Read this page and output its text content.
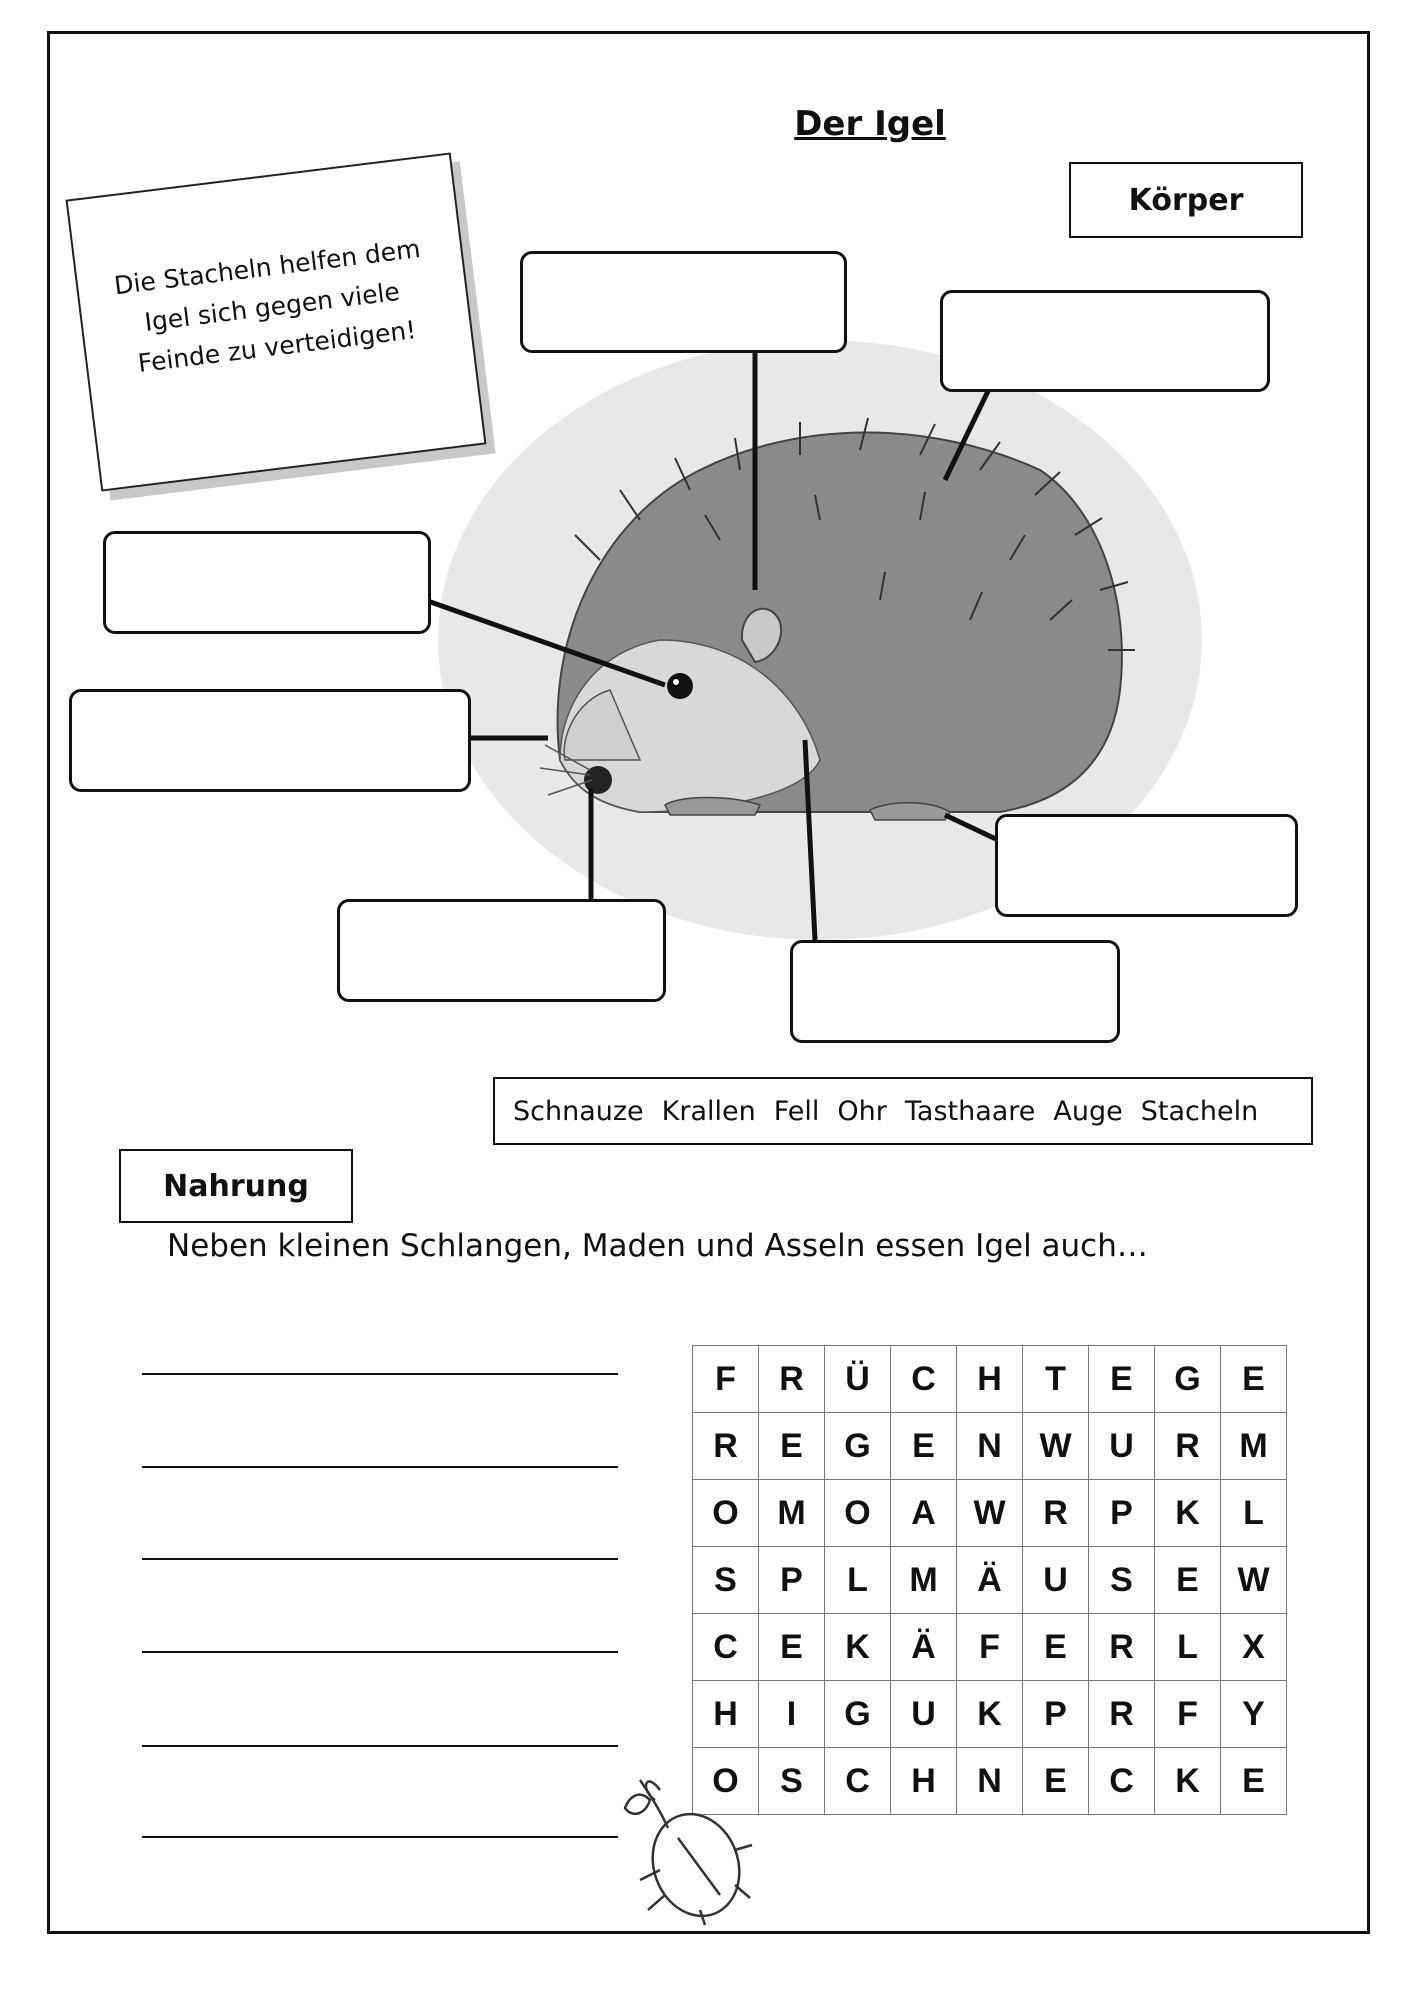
Der Igel
Körper
Die Stacheln helfen dem Igel sich gegen viele Feinde zu verteidigen!
Schnauze Krallen Fell Ohr Tasthaare Auge Stacheln
Nahrung
Neben kleinen Schlangen, Maden und Asseln essen Igel auch…
F	R	Ü	C	H	T	E	G	E
R	E	G	E	N	W	U	R	M
O	M	O	A	W	R	P	K	L
S	P	L	M	Ä	U	S	E	W
C	E	K	Ä	F	E	R	L	X
H	I	G	U	K	P	R	F	Y
O	S	C	H	N	E	C	K	E
